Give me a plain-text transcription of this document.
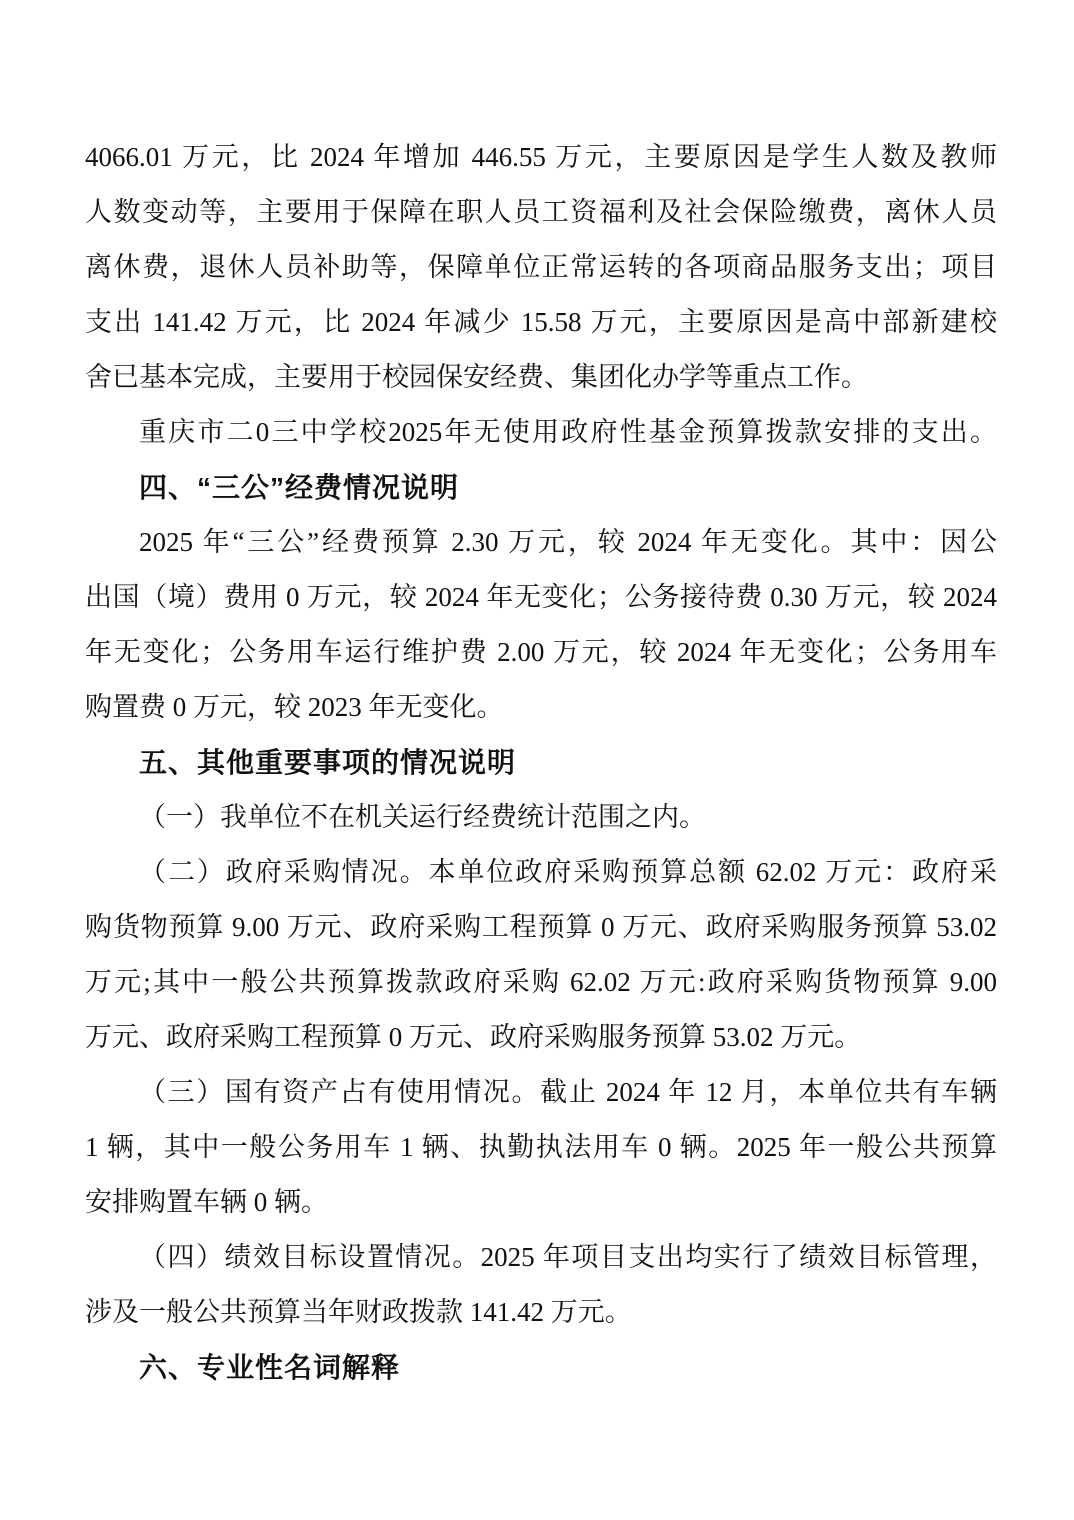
4066.01 万元，比 2024 年增加 446.55 万元，主要原因是学生人数及教师
人数变动等，主要用于保障在职人员工资福利及社会保险缴费，离休人员
离休费，退休人员补助等，保障单位正常运转的各项商品服务支出；项目
支出 141.42 万元，比 2024 年减少 15.58 万元，主要原因是高中部新建校
舍已基本完成，主要用于校园保安经费、集团化办学等重点工作。
重庆市二0三中学校2025年无使用政府性基金预算拨款安排的支出。
四、“三公”经费情况说明
2025 年“三公”经费预算 2.30 万元，较 2024 年无变化。其中：因公
出国（境）费用 0 万元，较 2024 年无变化；公务接待费 0.30 万元，较 2024
年无变化；公务用车运行维护费 2.00 万元，较 2024 年无变化；公务用车
购置费 0 万元，较 2023 年无变化。
五、其他重要事项的情况说明
（一）我单位不在机关运行经费统计范围之内。
（二）政府采购情况。本单位政府采购预算总额 62.02 万元：政府采
购货物预算 9.00 万元、政府采购工程预算 0 万元、政府采购服务预算 53.02
万元;其中一般公共预算拨款政府采购 62.02 万元:政府采购货物预算 9.00
万元、政府采购工程预算 0 万元、政府采购服务预算 53.02 万元。
（三）国有资产占有使用情况。截止 2024 年 12 月，本单位共有车辆
1 辆，其中一般公务用车 1 辆、执勤执法用车 0 辆。2025 年一般公共预算
安排购置车辆 0 辆。
（四）绩效目标设置情况。2025 年项目支出均实行了绩效目标管理，
涉及一般公共预算当年财政拨款 141.42 万元。
六、专业性名词解释
